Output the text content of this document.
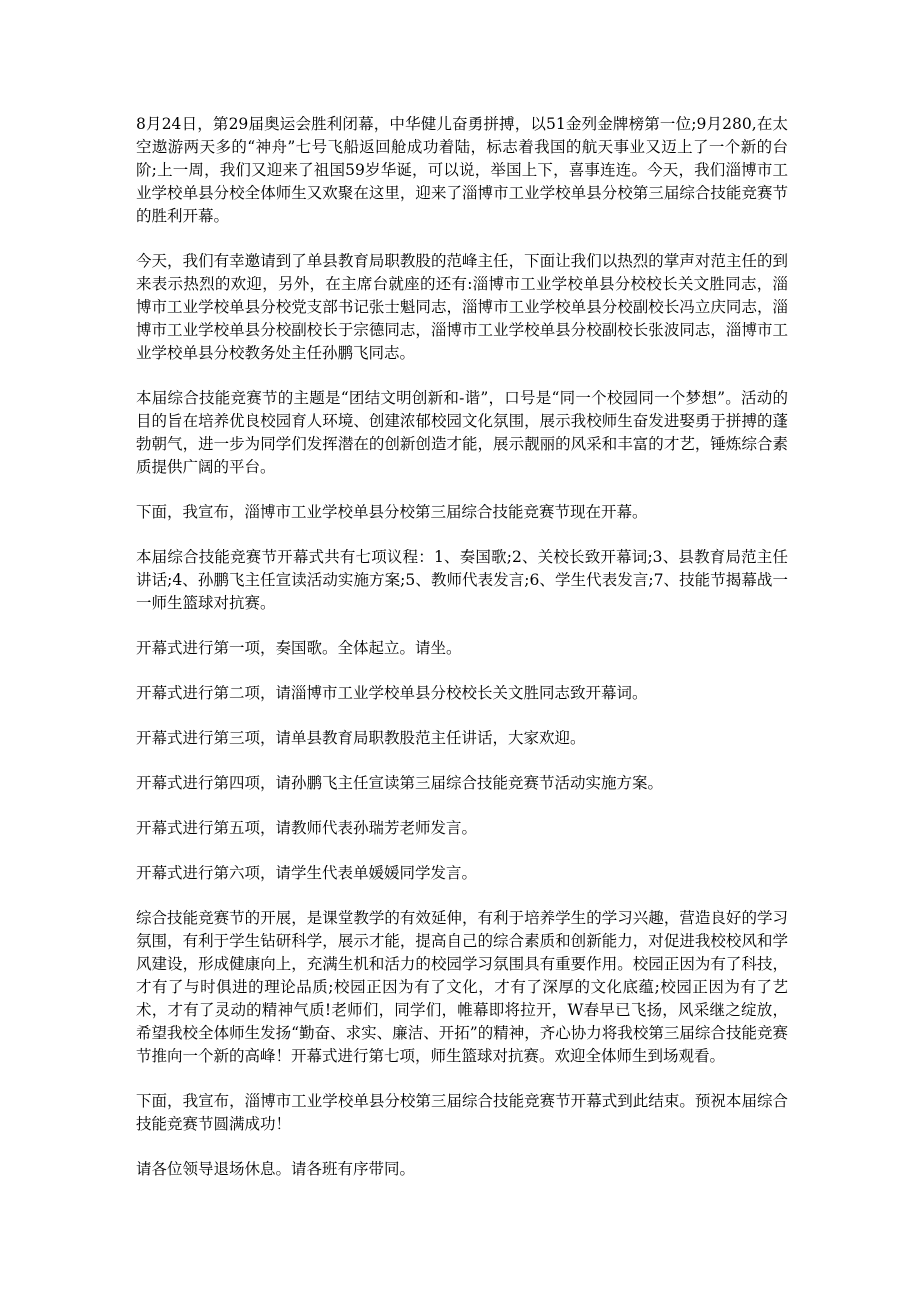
8月24日，第29届奥运会胜利闭幕，中华健儿奋勇拼搏，以51金列金牌榜第一位;9月280,在太空遨游两天多的“神舟”七号飞船返回舱成功着陆，标志着我国的航天事业又迈上了一个新的台阶;上一周，我们又迎来了祖国59岁华诞，可以说，举国上下，喜事连连。今天，我们淄博市工业学校单县分校全体师生又欢聚在这里，迎来了淄博市工业学校单县分校第三届综合技能竞赛节的胜利开幕。

今天，我们有幸邀请到了单县教育局职教股的范峰主任，下面让我们以热烈的掌声对范主任的到来表示热烈的欢迎，另外，在主席台就座的还有:淄博市工业学校单县分校校长关文胜同志，淄博市工业学校单县分校党支部书记张士魁同志，淄博市工业学校单县分校副校长冯立庆同志，淄博市工业学校单县分校副校长于宗德同志，淄博市工业学校单县分校副校长张波同志，淄博市工业学校单县分校教务处主任孙鹏飞同志。

本届综合技能竞赛节的主题是“团结文明创新和-谐”，口号是“同一个校园同一个梦想”。活动的目的旨在培养优良校园育人环境、创建浓郁校园文化氛围，展示我校师生奋发进娶勇于拼搏的蓬勃朝气，进一步为同学们发挥潜在的创新创造才能，展示靓丽的风采和丰富的才艺，锤炼综合素质提供广阔的平台。

下面，我宣布，淄博市工业学校单县分校第三届综合技能竞赛节现在开幕。

本届综合技能竞赛节开幕式共有七项议程：1、奏国歌;2、关校长致开幕词;3、县教育局范主任讲话;4、孙鹏飞主任宣读活动实施方案;5、教师代表发言;6、学生代表发言;7、技能节揭幕战一一师生篮球对抗赛。

开幕式进行第一项，奏国歌。全体起立。请坐。

开幕式进行第二项，请淄博市工业学校单县分校校长关文胜同志致开幕词。

开幕式进行第三项，请单县教育局职教股范主任讲话，大家欢迎。

开幕式进行第四项，请孙鹏飞主任宣读第三届综合技能竞赛节活动实施方案。

开幕式进行第五项，请教师代表孙瑞芳老师发言。

开幕式进行第六项，请学生代表单媛媛同学发言。

综合技能竞赛节的开展，是课堂教学的有效延伸，有利于培养学生的学习兴趣，营造良好的学习氛围，有利于学生钻研科学，展示才能，提高自己的综合素质和创新能力，对促进我校校风和学风建设，形成健康向上，充满生机和活力的校园学习氛围具有重要作用。校园正因为有了科技，才有了与时俱进的理论品质;校园正因为有了文化，才有了深厚的文化底蕴;校园正因为有了艺术，才有了灵动的精神气质!老师们，同学们，帷幕即将拉开，W春早已飞扬，风采继之绽放，希望我校全体师生发扬“勤奋、求实、廉洁、开拓”的精神，齐心协力将我校第三届综合技能竞赛节推向一个新的高峰！开幕式进行第七项，师生篮球对抗赛。欢迎全体师生到场观看。

下面，我宣布，淄博市工业学校单县分校第三届综合技能竞赛节开幕式到此结束。预祝本届综合技能竞赛节圆满成功！

请各位领导退场休息。请各班有序带同。
